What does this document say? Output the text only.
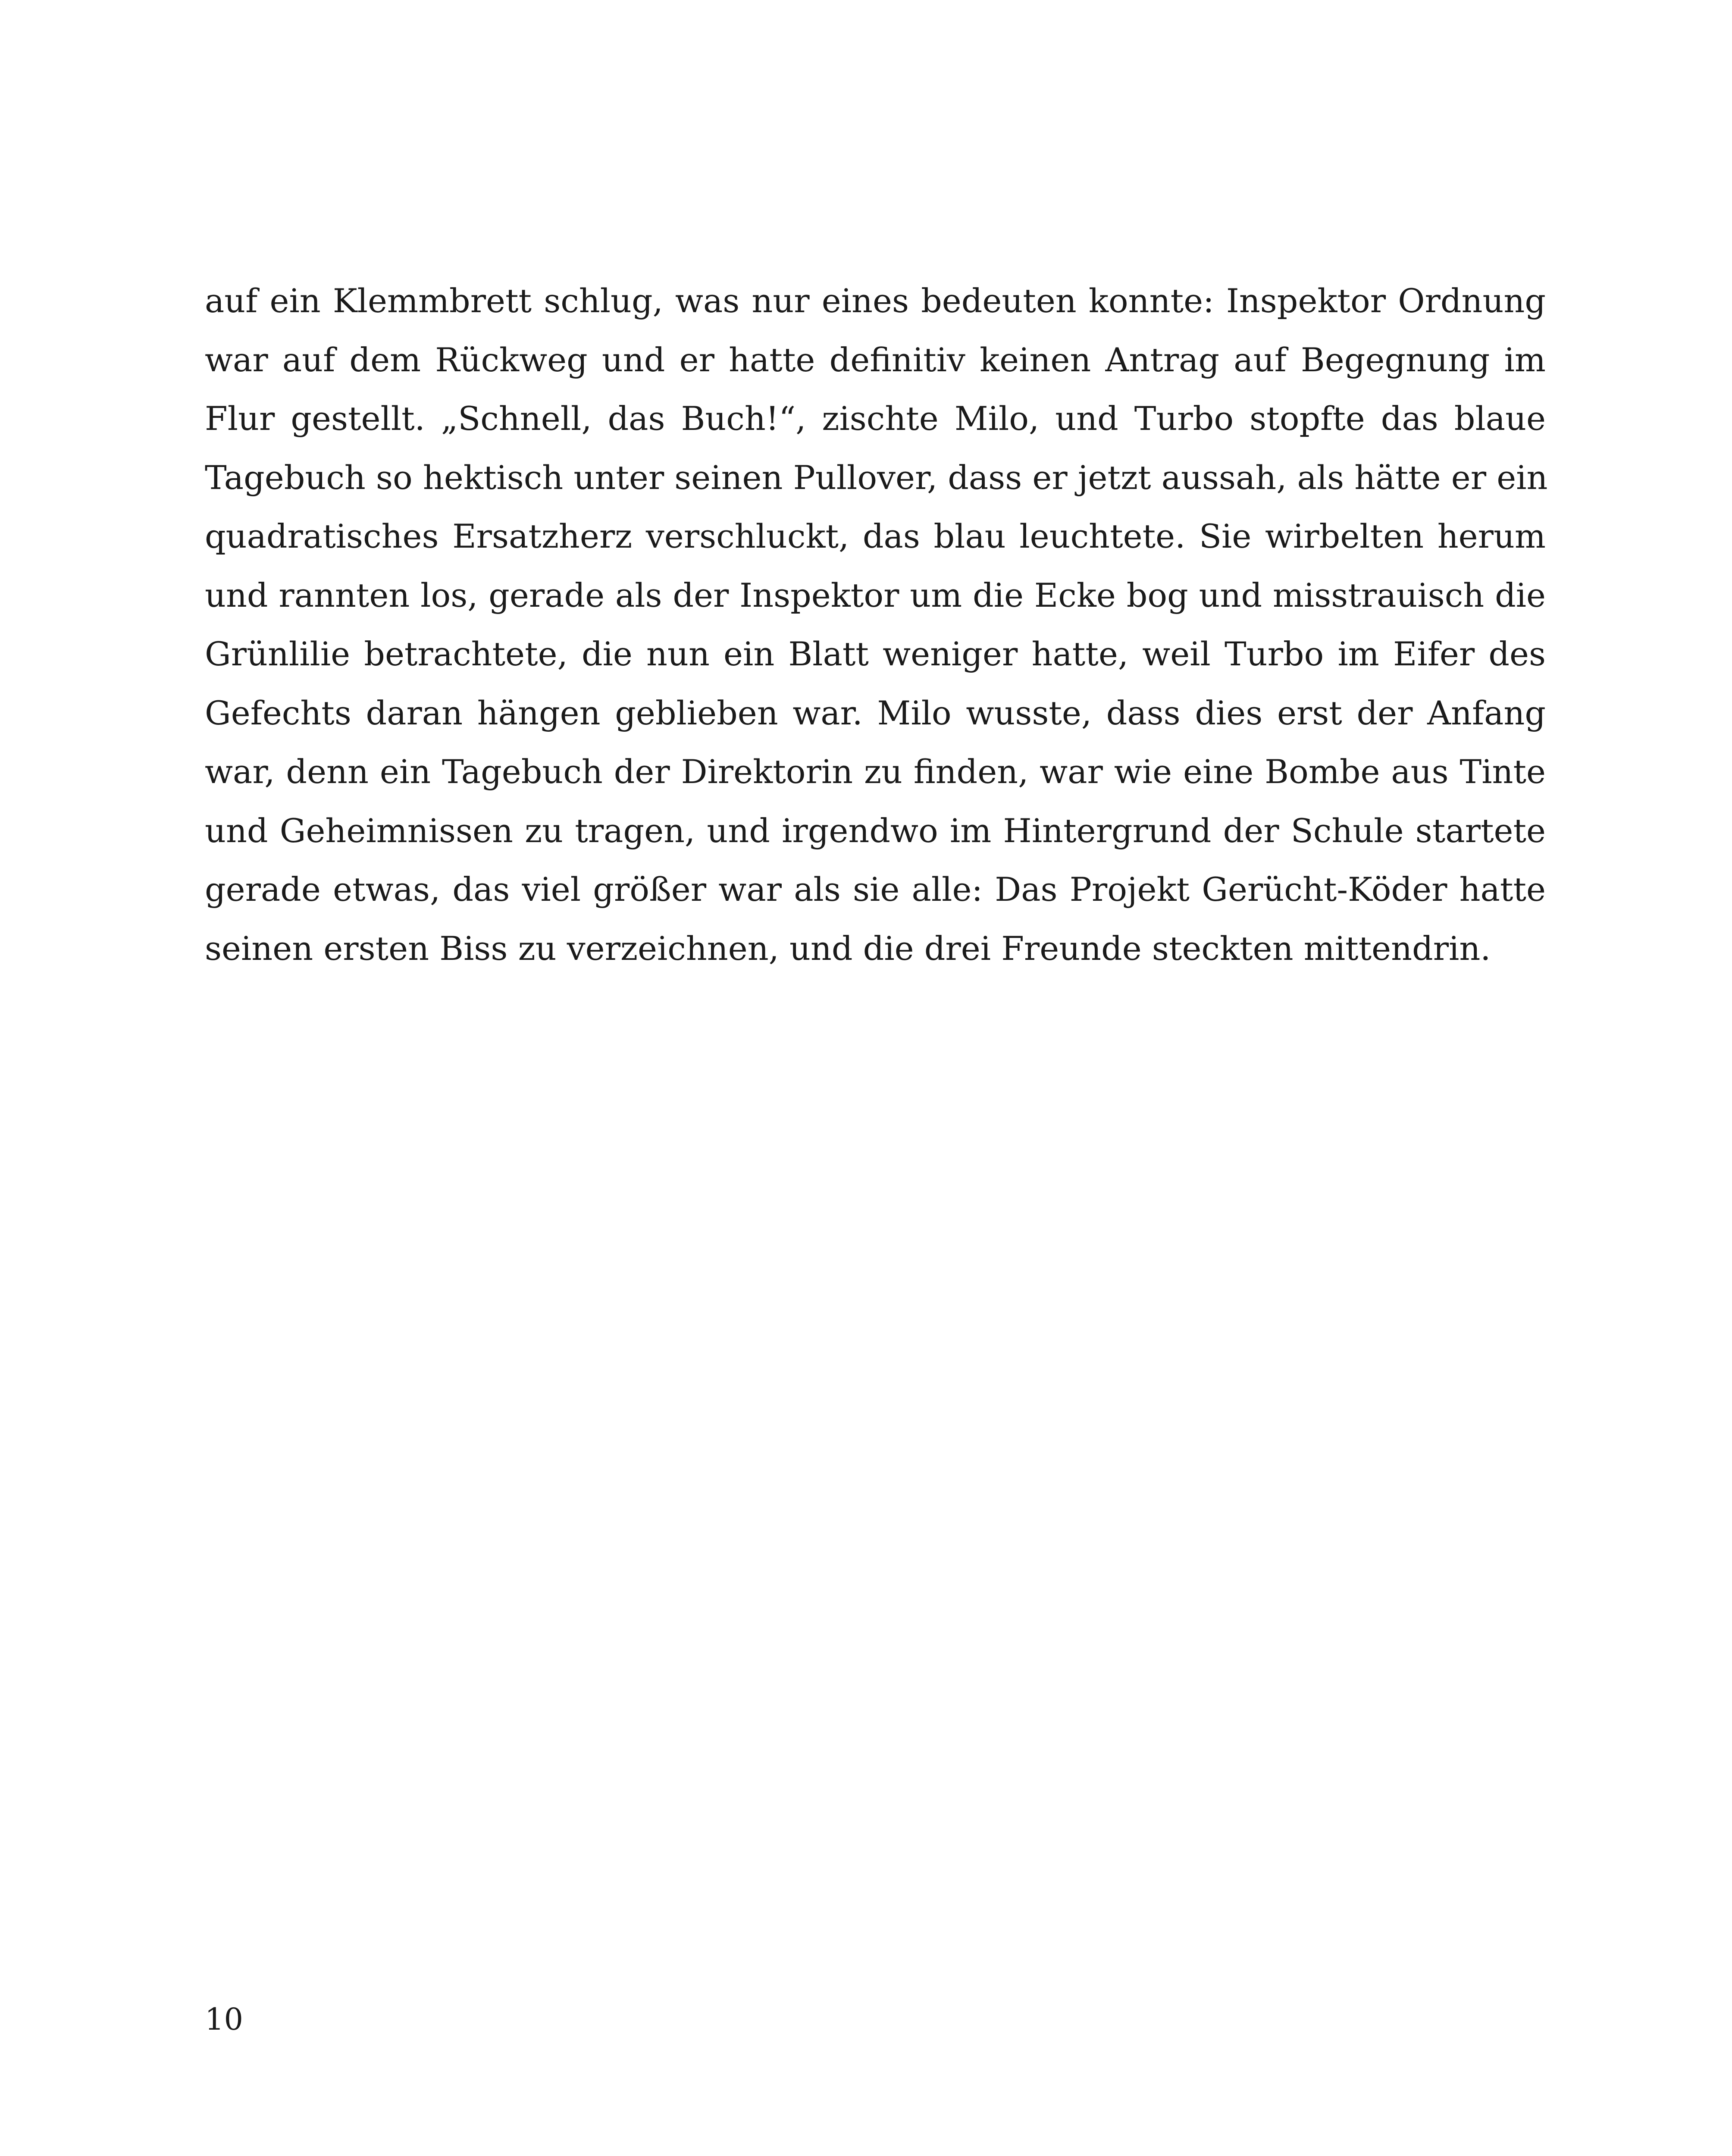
auf ein Klemmbrett schlug, was nur eines bedeuten konnte: Inspektor Ordnung
war auf dem Rückweg und er hatte definitiv keinen Antrag auf Begegnung im
Flur gestellt. „Schnell, das Buch!“, zischte Milo, und Turbo stopfte das blaue
Tagebuch so hektisch unter seinen Pullover, dass er jetzt aussah, als hätte er ein
quadratisches Ersatzherz verschluckt, das blau leuchtete. Sie wirbelten herum
und rannten los, gerade als der Inspektor um die Ecke bog und misstrauisch die
Grünlilie betrachtete, die nun ein Blatt weniger hatte, weil Turbo im Eifer des
Gefechts daran hängen geblieben war. Milo wusste, dass dies erst der Anfang
war, denn ein Tagebuch der Direktorin zu finden, war wie eine Bombe aus Tinte
und Geheimnissen zu tragen, und irgendwo im Hintergrund der Schule startete
gerade etwas, das viel größer war als sie alle: Das Projekt Gerücht-Köder hatte
seinen ersten Biss zu verzeichnen, und die drei Freunde steckten mittendrin.

10
